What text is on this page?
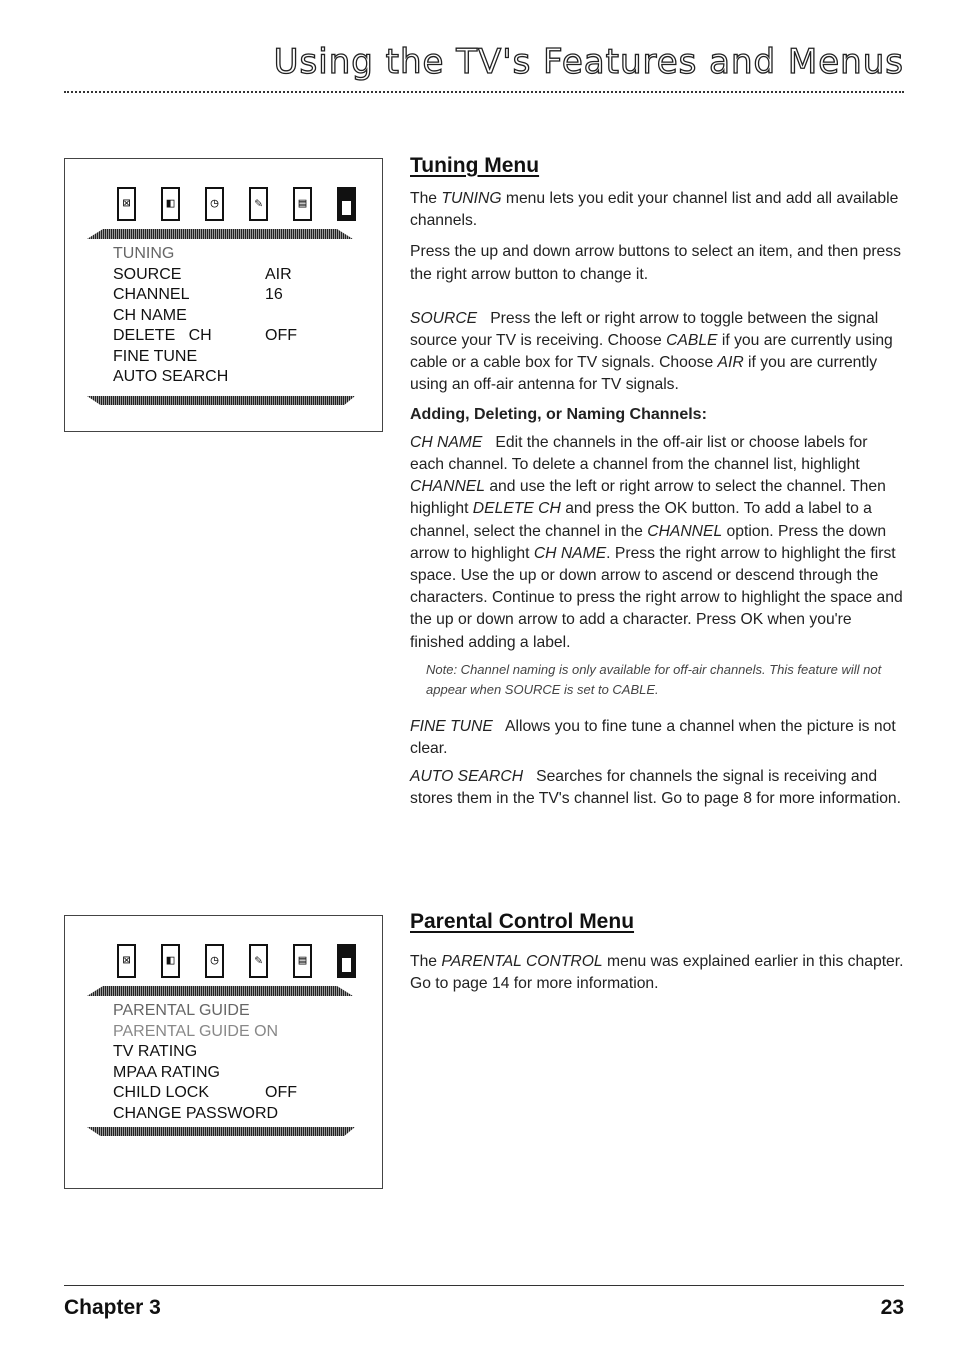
Using the TV's Features and Menus
⊠	◧	◷	✎	▤
TUNING
SOURCE	AIR
CHANNEL	16
CH NAME
DELETE   CH	OFF
FINE TUNE
AUTO SEARCH
⊠	◧	◷	✎	▤
PARENTAL GUIDE
PARENTAL GUIDE ON
TV RATING
MPAA RATING
CHILD LOCK	OFF
CHANGE PASSWORD
Tuning Menu

The TUNING menu lets you edit your channel list and add all available channels.

Press the up and down arrow buttons to select an item, and then press the right arrow button to change it.

SOURCE   Press the left or right arrow to toggle between the signal source your TV is receiving. Choose CABLE if you are currently using cable or a cable box for TV signals. Choose AIR if you are currently using an off-air antenna for TV signals.

Adding, Deleting, or Naming Channels:

CH NAME   Edit the channels in the off-air list or choose labels for each channel. To delete a channel from the channel list, highlight CHANNEL and use the left or right arrow to select the channel. Then highlight DELETE CH and press the OK button. To add a label to a channel, select the channel in the CHANNEL option. Press the down arrow to highlight CH NAME. Press the right arrow to highlight the first space. Use the up or down arrow to ascend or descend through the characters. Continue to press the right arrow to highlight the space and the up or down arrow to add a character. Press OK when you're finished adding a label.

Note: Channel naming is only available for off-air channels. This feature will not appear when SOURCE is set to CABLE.

FINE TUNE   Allows you to fine tune a channel when the picture is not clear.

AUTO SEARCH   Searches for channels the signal is receiving and stores them in the TV's channel list. Go to page 8 for more information.

Parental Control Menu

The PARENTAL CONTROL menu was explained earlier in this chapter. Go to page 14 for more information.

Chapter 3	23
